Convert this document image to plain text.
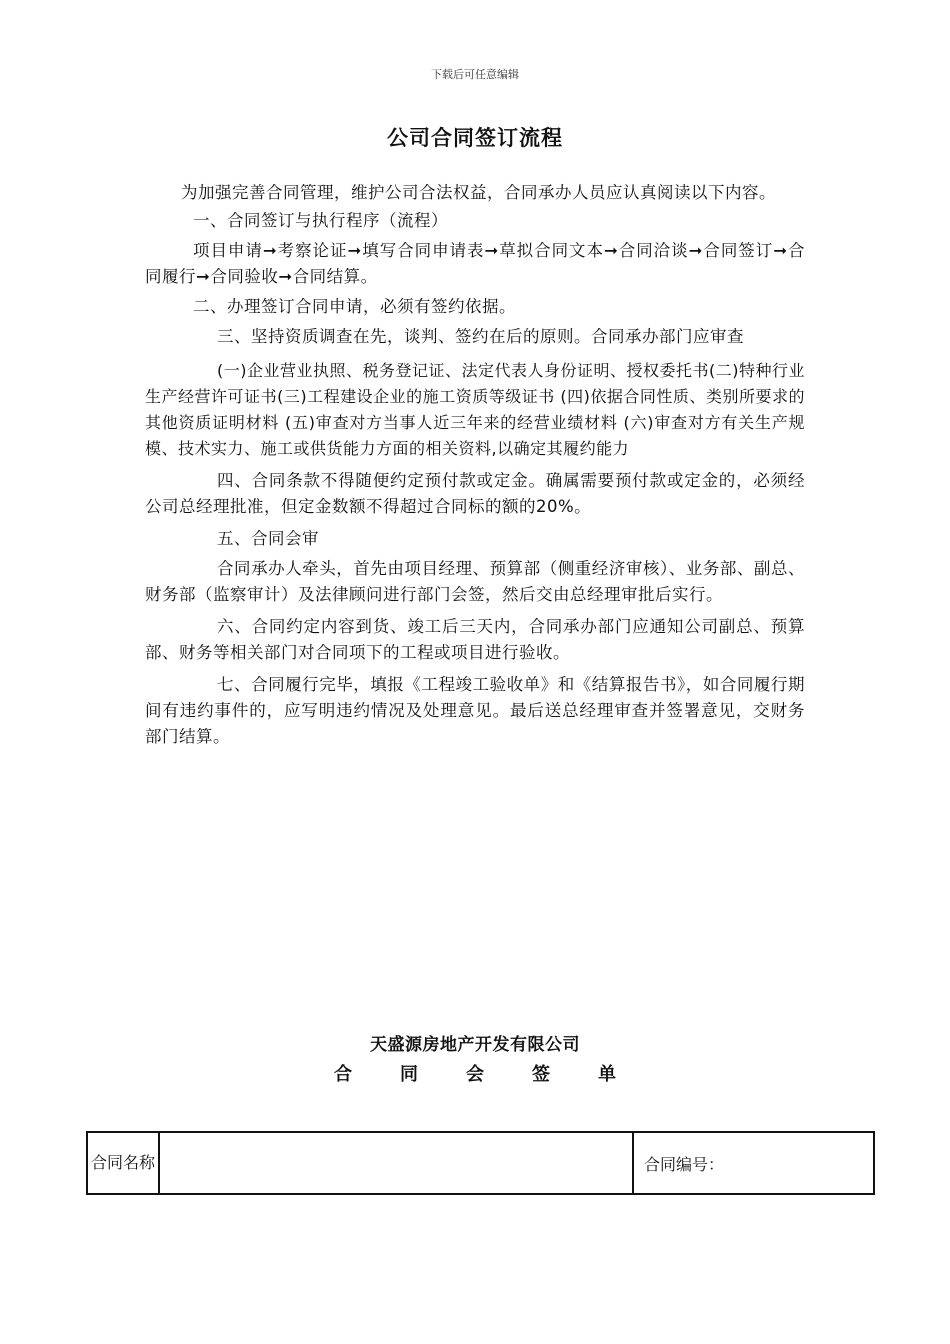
下载后可任意编辑
公司合同签订流程

为加强完善合同管理，维护公司合法权益，合同承办人员应认真阅读以下内容。

一、合同签订与执行程序（流程）

项目申请➞考察论证➞填写合同申请表➞草拟合同文本➞合同洽谈➞合同签订➞合同履行➞合同验收➞合同结算。

二、办理签订合同申请，必须有签约依据。

三、坚持资质调查在先，谈判、签约在后的原则。合同承办部门应审查

(一)企业营业执照、税务登记证、法定代表人身份证明、授权委托书(二)特种行业生产经营许可证书(三)工程建设企业的施工资质等级证书 (四)依据合同性质、类别所要求的其他资质证明材料 (五)审查对方当事人近三年来的经营业绩材料 (六)审查对方有关生产规模、技术实力、施工或供货能力方面的相关资料,以确定其履约能力

四、合同条款不得随便约定预付款或定金。确属需要预付款或定金的，必须经公司总经理批准，但定金数额不得超过合同标的额的20%。

五、合同会审

合同承办人牵头，首先由项目经理、预算部（侧重经济审核）、业务部、副总、财务部（监察审计）及法律顾问进行部门会签，然后交由总经理审批后实行。

六、合同约定内容到货、竣工后三天内，合同承办部门应通知公司副总、预算部、财务等相关部门对合同项下的工程或项目进行验收。

七、合同履行完毕，填报《工程竣工验收单》和《结算报告书》，如合同履行期间有违约事件的，应写明违约情况及处理意见。最后送总经理审查并签署意见，交财务部门结算。

天盛源房地产开发有限公司
合同会签单
合同名称		合同编号：
